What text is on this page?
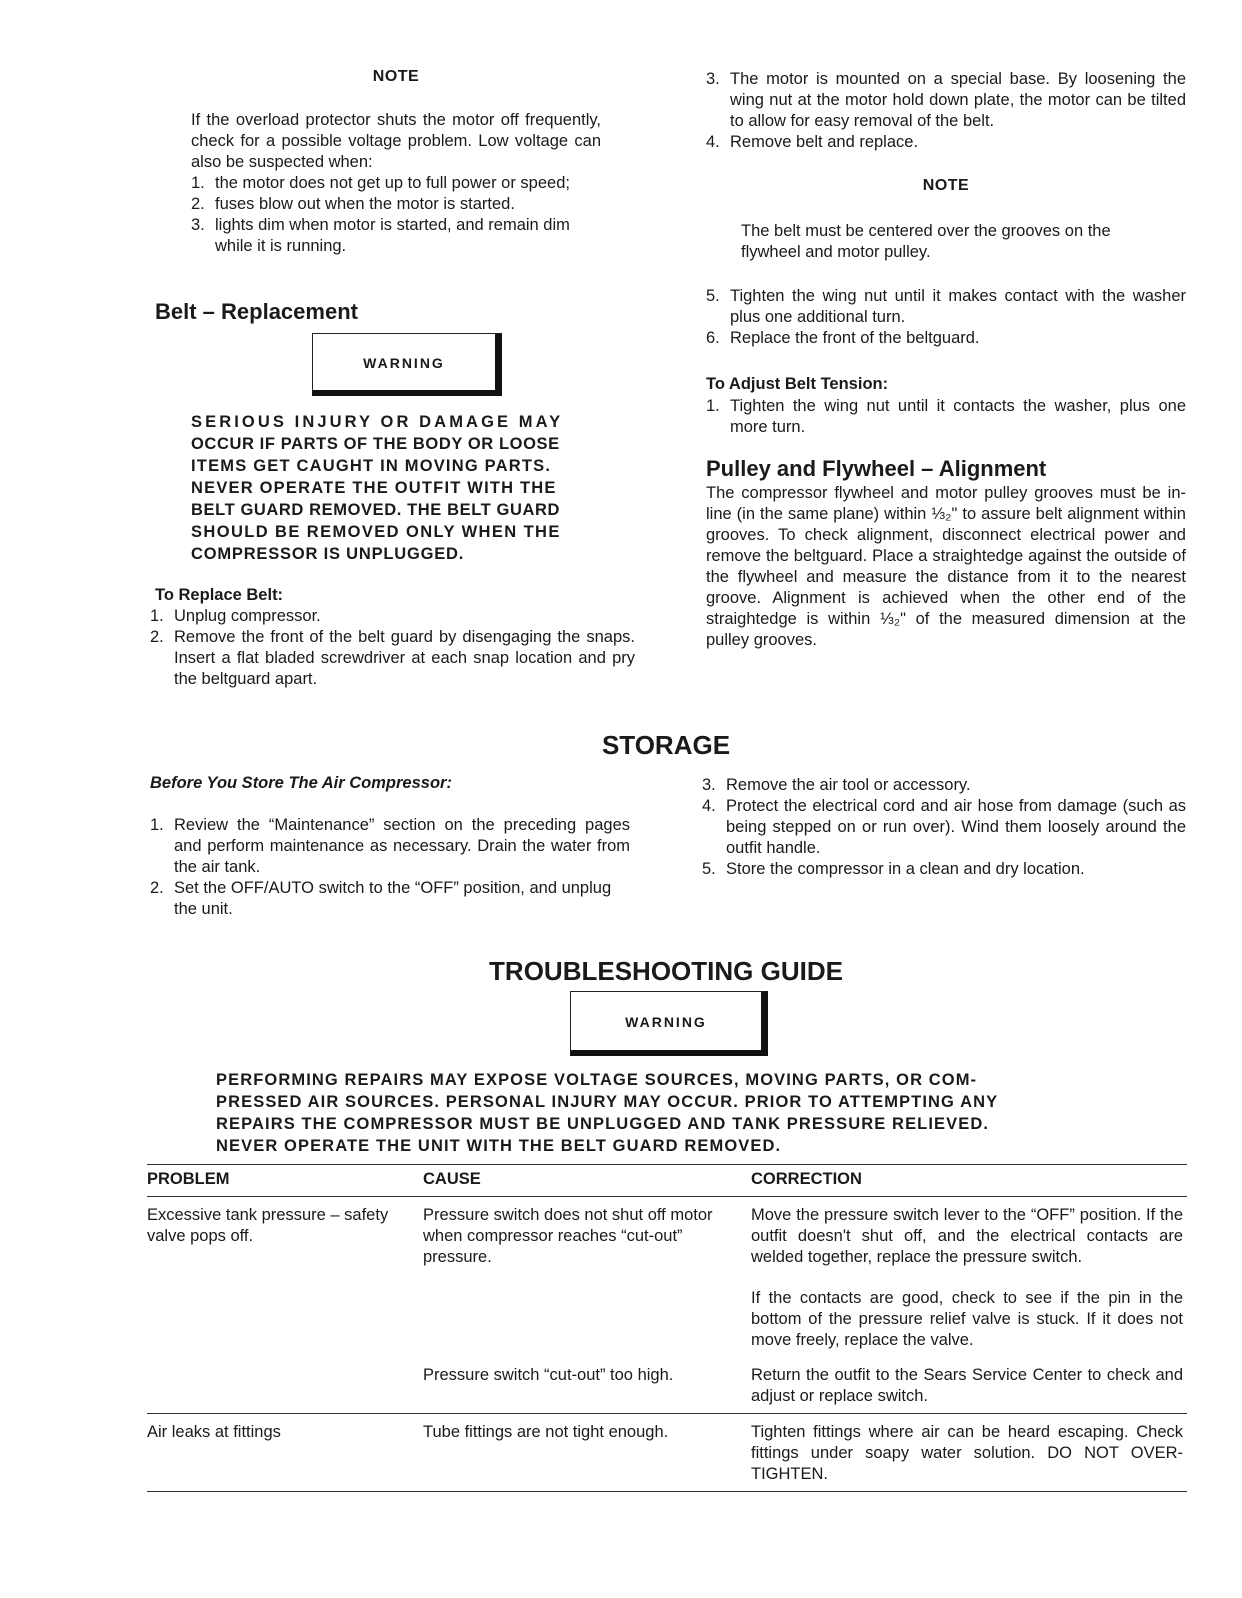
NOTE

If the overload protector shuts the motor off frequently, check for a possible voltage problem. Low voltage can also be suspected when:

1. the motor does not get up to full power or speed;
2. fuses blow out when the motor is started.
3. lights dim when motor is started, and remain dim while it is running.
Belt – Replacement
WARNING
SERIOUS INJURY OR DAMAGE MAY
OCCUR IF PARTS OF THE BODY OR LOOSE
ITEMS GET CAUGHT IN MOVING PARTS.
NEVER OPERATE THE OUTFIT WITH THE
BELT GUARD REMOVED. THE BELT GUARD
SHOULD BE REMOVED ONLY WHEN THE
COMPRESSOR IS UNPLUGGED.
To Replace Belt:
1. Unplug compressor.
2. Remove the front of the belt guard by disengaging the snaps. Insert a flat bladed screwdriver at each snap location and pry the beltguard apart.
3. The motor is mounted on a special base. By loosening the wing nut at the motor hold down plate, the motor can be tilted to allow for easy removal of the belt.
4. Remove belt and replace.
NOTE

The belt must be centered over the grooves on the flywheel and motor pulley.

5. Tighten the wing nut until it makes contact with the washer plus one additional turn.
6. Replace the front of the beltguard.
To Adjust Belt Tension:
1. Tighten the wing nut until it contacts the washer, plus one more turn.
Pulley and Flywheel – Alignment

The compressor flywheel and motor pulley grooves must be in-line (in the same plane) within ⅓₂" to assure belt alignment within grooves. To check alignment, disconnect electrical power and remove the beltguard. Place a straightedge against the outside of the flywheel and measure the distance from it to the nearest groove. Alignment is achieved when the other end of the straightedge is within ⅓₂" of the measured dimension at the pulley grooves.

STORAGE
Before You Store The Air Compressor:
1. Review the “Maintenance” section on the preceding pages and perform maintenance as necessary. Drain the water from the air tank.
2. Set the OFF/AUTO switch to the “OFF” position, and unplug the unit.
3. Remove the air tool or accessory.
4. Protect the electrical cord and air hose from damage (such as being stepped on or run over). Wind them loosely around the outfit handle.
5. Store the compressor in a clean and dry location.
TROUBLESHOOTING GUIDE
WARNING
PERFORMING REPAIRS MAY EXPOSE VOLTAGE SOURCES, MOVING PARTS, OR COM-
PRESSED AIR SOURCES. PERSONAL INJURY MAY OCCUR. PRIOR TO ATTEMPTING ANY
REPAIRS THE COMPRESSOR MUST BE UNPLUGGED AND TANK PRESSURE RELIEVED.
NEVER OPERATE THE UNIT WITH THE BELT GUARD REMOVED.
PROBLEM	CAUSE	CORRECTION
Excessive tank pressure – safety valve pops off.	Pressure switch does not shut off motor when compressor reaches “cut-out” pressure.	Move the pressure switch lever to the “OFF” position. If the outfit doesn't shut off, and the electrical contacts are welded together, replace the pressure switch.

If the contacts are good, check to see if the pin in the bottom of the pressure relief valve is stuck. If it does not move freely, replace the valve.

	Pressure switch “cut-out” too high.	Return the outfit to the Sears Service Center to check and adjust or replace switch.

Air leaks at fittings	Tube fittings are not tight enough.	Tighten fittings where air can be heard escaping. Check fittings under soapy water solution. DO NOT OVER-TIGHTEN.
